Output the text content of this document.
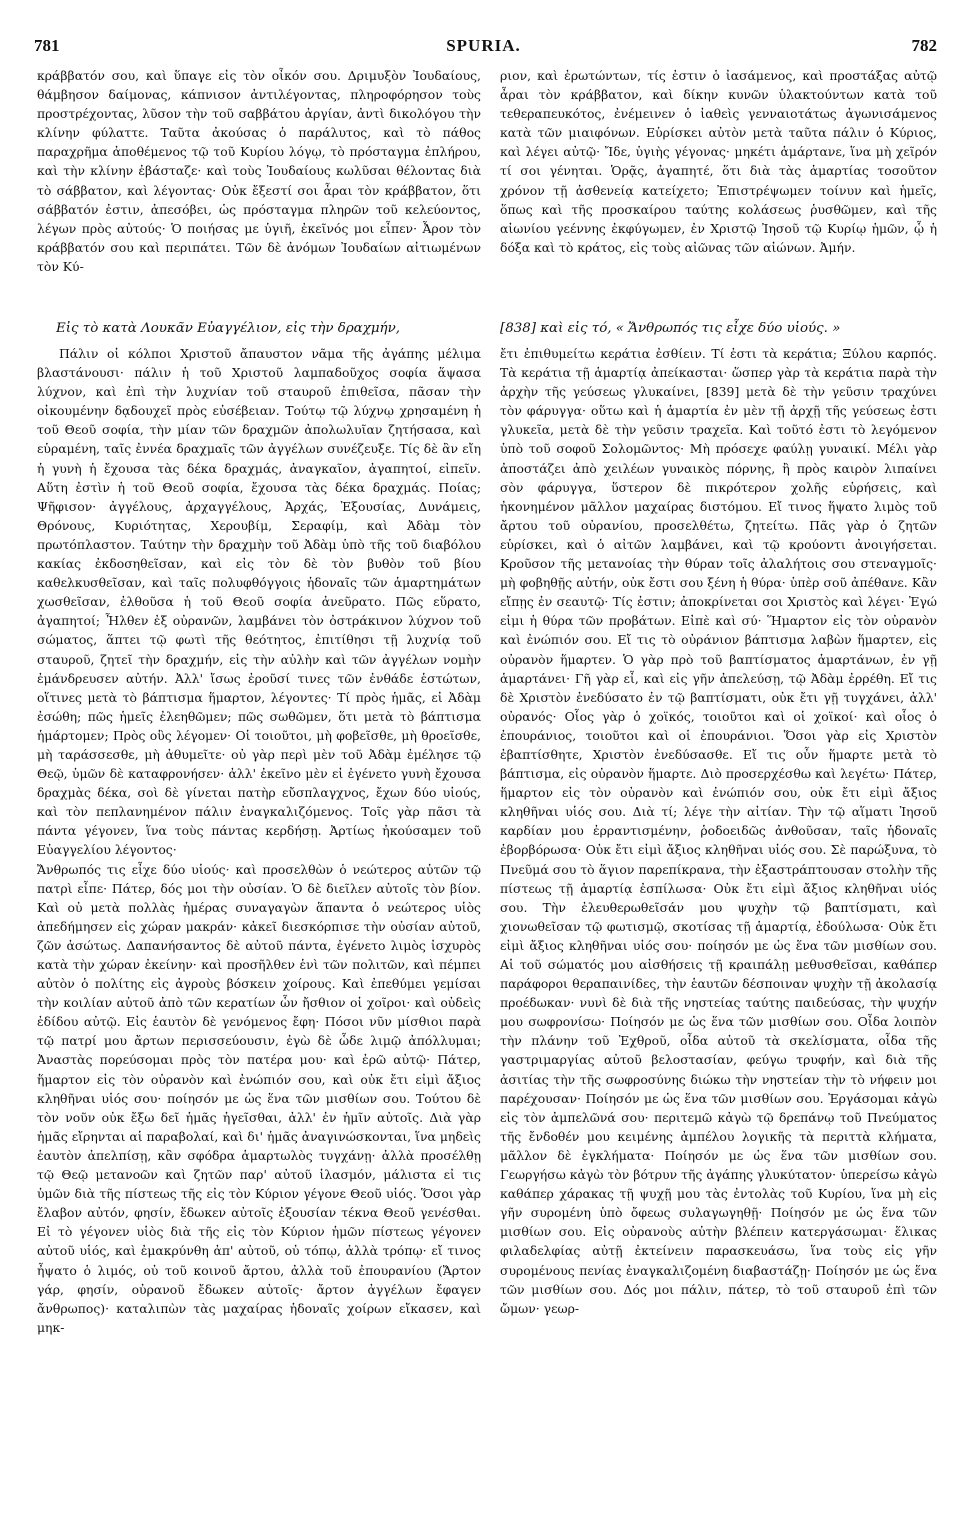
781	SPURIA.	782

κράββατόν σου, καὶ ὕπαγε εἰς τὸν οἶκόν σου. Δριμυξὸν Ἰουδαίους, θάμβησον δαίμονας, κάπνισον ἀντιλέγοντας, πληροφόρησον τοὺς προστρέχοντας, λῦσον τὴν τοῦ σαββάτου ἀργίαν, ἀντὶ δικολόγου τὴν κλίνην φύλαττε. Ταῦτα ἀκούσας ὁ παράλυτος, καὶ τὸ πάθος παραχρῆμα ἀποθέμενος τῷ τοῦ Κυρίου λόγῳ, τὸ πρόσταγμα ἐπλήρου, καὶ τὴν κλίνην ἐβάσταζε· καὶ τοὺς Ἰουδαίους κωλῦσαι θέλοντας διὰ τὸ σάββατον, καὶ λέγοντας· Οὐκ ἔξεστί σοι ἆραι τὸν κράββατον, ὅτι σάββατόν ἐστιν, ἀπεσόβει, ὡς πρόσταγμα πληρῶν τοῦ κελεύοντος, λέγων πρὸς αὐτούς· Ὁ ποιήσας με ὑγιῆ, ἐκεῖνός μοι εἶπεν· Ἆρον τὸν κράββατόν σου καὶ περιπάτει. Τῶν δὲ ἀνόμων Ἰουδαίων αἰτιωμένων τὸν Κύ-

ριον, καὶ ἐρωτώντων, τίς ἐστιν ὁ ἰασάμενος, καὶ προστάξας αὐτῷ ἆραι τὸν κράββατον, καὶ δίκην κυνῶν ὑλακτούντων κατὰ τοῦ τεθεραπευκότος, ἐνέμεινεν ὁ ἰαθεὶς γενναιοτάτως ἀγωνισάμενος κατὰ τῶν μιαιφόνων. Εὑρίσκει αὐτὸν μετὰ ταῦτα πάλιν ὁ Κύριος, καὶ λέγει αὐτῷ· Ἴδε, ὑγιὴς γέγονας· μηκέτι ἁμάρτανε, ἵνα μὴ χεῖρόν τί σοι γένηται. Ὁρᾷς, ἀγαπητέ, ὅτι διὰ τὰς ἁμαρτίας τοσοῦτον χρόνον τῇ ἀσθενείᾳ κατείχετο; Ἐπιστρέψωμεν τοίνυν καὶ ἡμεῖς, ὅπως καὶ τῆς προσκαίρου ταύτης κολάσεως ῥυσθῶμεν, καὶ τῆς αἰωνίου γεέννης ἐκφύγωμεν, ἐν Χριστῷ Ἰησοῦ τῷ Κυρίῳ ἡμῶν, ᾧ ἡ δόξα καὶ τὸ κράτος, εἰς τοὺς αἰῶνας τῶν αἰώνων. Ἀμήν.

Εἰς τὸ κατὰ Λουκᾶν Εὐαγγέλιον, εἰς τὴν δραχμήν,	[838] καὶ εἰς τό, « Ἄνθρωπός τις εἶχε δύο υἱούς. »

Πάλιν οἱ κόλποι Χριστοῦ ἄπαυστον νᾶμα τῆς ἀγάπης μέλιμα βλαστάνουσι· πάλιν ἡ τοῦ Χριστοῦ λαμπαδοῦχος σοφία ἅψασα λύχνον, καὶ ἐπὶ τὴν λυχνίαν τοῦ σταυροῦ ἐπιθεῖσα, πᾶσαν τὴν οἰκουμένην δᾳδουχεῖ πρὸς εὐσέβειαν. Τούτῳ τῷ λύχνῳ χρησαμένη ἡ τοῦ Θεοῦ σοφία, τὴν μίαν τῶν δραχμῶν ἀπολωλυῖαν ζητήσασα, καὶ εὑραμένη, ταῖς ἐννέα δραχμαῖς τῶν ἀγγέλων συνέζευξε. Τίς δὲ ἂν εἴη ἡ γυνὴ ἡ ἔχουσα τὰς δέκα δραχμάς, ἀναγκαῖον, ἀγαπητοί, εἰπεῖν. Αὕτη ἐστὶν ἡ τοῦ Θεοῦ σοφία, ἔχουσα τὰς δέκα δραχμάς. Ποίας; Ψῆφισον· ἀγγέλους, ἀρχαγγέλους, Ἀρχάς, Ἐξουσίας, Δυνάμεις, Θρόνους, Κυριότητας, Χερουβίμ, Σεραφίμ, καὶ Ἀδὰμ τὸν πρωτόπλαστον. Ταύτην τὴν δραχμὴν τοῦ Ἀδὰμ ὑπὸ τῆς τοῦ διαβόλου κακίας ἐκδοσηθεῖσαν, καὶ εἰς τὸν δὲ τὸν βυθὸν τοῦ βίου καθελκυσθεῖσαν, καὶ ταῖς πολυφθόγγοις ἡδοναῖς τῶν ἁμαρτημάτων χωσθεῖσαν, ἐλθοῦσα ἡ τοῦ Θεοῦ σοφία ἀνεῦρατο. Πῶς εὕρατο, ἀγαπητοί; Ἦλθεν ἐξ οὐρανῶν, λαμβάνει τὸν ὀστράκινον λύχνον τοῦ σώματος, ἅπτει τῷ φωτὶ τῆς θεότητος, ἐπιτίθησι τῇ λυχνίᾳ τοῦ σταυροῦ, ζητεῖ τὴν δραχμήν, εἰς τὴν αὐλὴν καὶ τῶν ἀγγέλων νομὴν ἐμάνδρευσεν αὐτήν. Ἀλλ' ἴσως ἐροῦσί τινες τῶν ἐνθάδε ἑστώτων, οἵτινες μετὰ τὸ βάπτισμα ἥμαρτον, λέγοντες· Τί πρὸς ἡμᾶς, εἰ Ἀδὰμ ἐσώθη; πῶς ἡμεῖς ἐλεηθῶμεν; πῶς σωθῶμεν, ὅτι μετὰ τὸ βάπτισμα ἡμάρτομεν; Πρὸς οὓς λέγομεν· Οἱ τοιοῦτοι, μὴ φοβεῖσθε, μὴ θροεῖσθε, μὴ ταράσσεσθε, μὴ ἀθυμεῖτε· οὐ γὰρ περὶ μὲν τοῦ Ἀδὰμ ἐμέλησε τῷ Θεῷ, ὑμῶν δὲ καταφρονήσεν· ἀλλ' ἐκεῖνο μὲν εἰ ἐγένετο γυνὴ ἔχουσα δραχμὰς δέκα, σοὶ δὲ γίνεται πατὴρ εὔσπλαγχνος, ἔχων δύο υἱούς, καὶ τὸν πεπλανημένον πάλιν ἐναγκαλιζόμενος. Τοῖς γὰρ πᾶσι τὰ πάντα γέγονεν, ἵνα τοὺς πάντας κερδήσῃ. Ἀρτίως ἠκούσαμεν τοῦ Εὐαγγελίου λέγοντος·

Ἄνθρωπός τις εἶχε δύο υἱούς· καὶ προσελθὼν ὁ νεώτερος αὐτῶν τῷ πατρὶ εἶπε· Πάτερ, δός μοι τὴν οὐσίαν. Ὁ δὲ διεῖλεν αὐτοῖς τὸν βίον. Καὶ οὐ μετὰ πολλὰς ἡμέρας συναγαγὼν ἅπαντα ὁ νεώτερος υἱὸς ἀπεδήμησεν εἰς χώραν μακράν· κἀκεῖ διεσκόρπισε τὴν οὐσίαν αὐτοῦ, ζῶν ἀσώτως. Δαπανήσαντος δὲ αὐτοῦ πάντα, ἐγένετο λιμὸς ἰσχυρὸς κατὰ τὴν χώραν ἐκείνην· καὶ προσῆλθεν ἑνὶ τῶν πολιτῶν, καὶ πέμπει αὐτὸν ὁ πολίτης εἰς ἀγροὺς βόσκειν χοίρους. Καὶ ἐπεθύμει γεμίσαι τὴν κοιλίαν αὐτοῦ ἀπὸ τῶν κερατίων ὧν ἤσθιον οἱ χοῖροι· καὶ οὐδεὶς ἐδίδου αὐτῷ. Εἰς ἑαυτὸν δὲ γενόμενος ἔφη· Πόσοι νῦν μίσθιοι παρὰ τῷ πατρί μου ἄρτων περισσεύουσιν, ἐγὼ δὲ ὧδε λιμῷ ἀπόλλυμαι; Ἀναστὰς πορεύσομαι πρὸς τὸν πατέρα μου· καὶ ἐρῶ αὐτῷ· Πάτερ, ἥμαρτον εἰς τὸν οὐρανὸν καὶ ἐνώπιόν σου, καὶ οὐκ ἔτι εἰμὶ ἄξιος κληθῆναι υἱός σου· ποίησόν με ὡς ἕνα τῶν μισθίων σου. Τούτου δὲ τὸν νοῦν οὐκ ἔξω δεῖ ἡμᾶς ἡγεῖσθαι, ἀλλ' ἐν ἡμῖν αὐτοῖς. Διὰ γὰρ ἡμᾶς εἴρηνται αἱ παραβολαί, καὶ δι' ἡμᾶς ἀναγινώσκονται, ἵνα μηδεὶς ἑαυτὸν ἀπελπίσῃ, κἂν σφόδρα ἁμαρτωλὸς τυγχάνῃ· ἀλλὰ προσέλθῃ τῷ Θεῷ μετανοῶν καὶ ζητῶν παρ' αὐτοῦ ἱλασμόν, μάλιστα εἰ τις ὑμῶν διὰ τῆς πίστεως τῆς εἰς τὸν Κύριον γέγονε Θεοῦ υἱός. Ὅσοι γὰρ ἔλαβον αὐτόν, φησίν, ἔδωκεν αὐτοῖς ἐξουσίαν τέκνα Θεοῦ γενέσθαι. Εἰ τὸ γέγονεν υἱὸς διὰ τῆς εἰς τὸν Κύριον ἡμῶν πίστεως γέγονεν αὐτοῦ υἱός, καὶ ἐμακρύνθη ἀπ' αὐτοῦ, οὐ τόπῳ, ἀλλὰ τρόπῳ· εἴ τινος ἦψατο ὁ λιμός, οὐ τοῦ κοινοῦ ἄρτου, ἀλλὰ τοῦ ἐπουρανίου (Ἄρτον γάρ, φησίν, οὐρανοῦ ἔδωκεν αὐτοῖς· ἄρτον ἀγγέλων ἔφαγεν ἄνθρωπος)· καταλιπὼν τὰς μαχαίρας ἡδοναῖς χοίρων εἴκασεν, καὶ μηκ-

ἔτι ἐπιθυμείτω κεράτια ἐσθίειν. Τί ἐστι τὰ κεράτια; Ξύλου καρπός. Τὰ κεράτια τῇ ἁμαρτίᾳ ἀπείκασται· ὥσπερ γὰρ τὰ κεράτια παρὰ τὴν ἀρχὴν τῆς γεύσεως γλυκαίνει, [839] μετὰ δὲ τὴν γεῦσιν τραχύνει τὸν φάρυγγα· οὕτω καὶ ἡ ἁμαρτία ἐν μὲν τῇ ἀρχῇ τῆς γεύσεως ἐστι γλυκεῖα, μετὰ δὲ τὴν γεῦσιν τραχεῖα. Καὶ τοῦτό ἐστι τὸ λεγόμενον ὑπὸ τοῦ σοφοῦ Σολομῶντος· Μὴ πρόσεχε φαύλῃ γυναικί. Μέλι γὰρ ἀποστάζει ἀπὸ χειλέων γυναικὸς πόρνης, ἢ πρὸς καιρὸν λιπαίνει σὸν φάρυγγα, ὕστερον δὲ πικρότερον χολῆς εὑρήσεις, καὶ ἠκονημένον μᾶλλον μαχαίρας διστόμου. Εἴ τινος ἥψατο λιμὸς τοῦ ἄρτου τοῦ οὐρανίου, προσελθέτω, ζητείτω. Πᾶς γὰρ ὁ ζητῶν εὑρίσκει, καὶ ὁ αἰτῶν λαμβάνει, καὶ τῷ κρούοντι ἀνοιγήσεται. Κροῦσον τῆς μετανοίας τὴν θύραν τοῖς ἀλαλήτοις σου στεναγμοῖς· μὴ φοβηθῇς αὐτήν, οὐκ ἔστι σου ξένη ἡ θύρα· ὑπὲρ σοῦ ἀπέθανε. Κἂν εἴπῃς ἐν σεαυτῷ· Τίς ἐστιν; ἀποκρίνεται σοι Χριστὸς καὶ λέγει· Ἐγώ εἰμι ἡ θύρα τῶν προβάτων. Εἰπὲ καὶ σύ· Ἥμαρτον εἰς τὸν οὐρανὸν καὶ ἐνώπιόν σου. Εἴ τις τὸ οὐράνιον βάπτισμα λαβὼν ἥμαρτεν, εἰς οὐρανὸν ἥμαρτεν. Ὁ γὰρ πρὸ τοῦ βαπτίσματος ἁμαρτάνων, ἐν γῇ ἁμαρτάνει· Γῆ γὰρ εἶ, καὶ εἰς γῆν ἀπελεύσῃ, τῷ Ἀδὰμ ἐρρέθη. Εἴ τις δὲ Χριστὸν ἐνεδύσατο ἐν τῷ βαπτίσματι, οὐκ ἔτι γῇ τυγχάνει, ἀλλ' οὐρανός· Οἷος γὰρ ὁ χοϊκός, τοιοῦτοι καὶ οἱ χοϊκοί· καὶ οἷος ὁ ἐπουράνιος, τοιοῦτοι καὶ οἱ ἐπουράνιοι. Ὅσοι γὰρ εἰς Χριστὸν ἐβαπτίσθητε, Χριστὸν ἐνεδύσασθε. Εἴ τις οὖν ἥμαρτε μετὰ τὸ βάπτισμα, εἰς οὐρανὸν ἥμαρτε. Διὸ προσερχέσθω καὶ λεγέτω· Πάτερ, ἥμαρτον εἰς τὸν οὐρανὸν καὶ ἐνώπιόν σου, οὐκ ἔτι εἰμὶ ἄξιος κληθῆναι υἱός σου. Διὰ τί; λέγε τὴν αἰτίαν. Τὴν τῷ αἵματι Ἰησοῦ καρδίαν μου ἐρραντισμένην, ῥοδοειδῶς ἀνθοῦσαν, ταῖς ἡδοναῖς ἐβορβόρωσα· Οὐκ ἔτι εἰμὶ ἄξιος κληθῆναι υἱός σου. Σὲ παρώξυνα, τὸ Πνεῦμά σου τὸ ἅγιον παρεπίκρανα, τὴν ἐξαστράπτουσαν στολὴν τῆς πίστεως τῇ ἁμαρτίᾳ ἐσπίλωσα· Οὐκ ἔτι εἰμὶ ἄξιος κληθῆναι υἱός σου. Τὴν ἐλευθερωθεῖσάν μου ψυχὴν τῷ βαπτίσματι, καὶ χιονωθεῖσαν τῷ φωτισμῷ, σκοτίσας τῇ ἁμαρτίᾳ, ἐδούλωσα· Οὐκ ἔτι εἰμὶ ἄξιος κληθῆναι υἱός σου· ποίησόν με ὡς ἕνα τῶν μισθίων σου. Αἱ τοῦ σώματός μου αἰσθήσεις τῇ κραιπάλῃ μεθυσθεῖσαι, καθάπερ παράφοροι θεραπαινίδες, τὴν ἑαυτῶν δέσποιναν ψυχὴν τῇ ἀκολασίᾳ προέδωκαν· νυνὶ δὲ διὰ τῆς νηστείας ταύτης παιδεύσας, τὴν ψυχήν μου σωφρονίσω· Ποίησόν με ὡς ἕνα τῶν μισθίων σου. Οἶδα λοιπὸν τὴν πλάνην τοῦ Ἐχθροῦ, οἶδα αὐτοῦ τὰ σκελίσματα, οἶδα τῆς γαστριμαργίας αὐτοῦ βελοστασίαν, φεύγω τρυφήν, καὶ διὰ τῆς ἀσιτίας τὴν τῆς σωφροσύνης διώκω τὴν νηστείαν τὴν τὸ νήφειν μοι παρέχουσαν· Ποίησόν με ὡς ἕνα τῶν μισθίων σου. Ἐργάσομαι κἀγὼ εἰς τὸν ἀμπελῶνά σου· περιτεμῶ κἀγὼ τῷ δρεπάνῳ τοῦ Πνεύματος τῆς ἔνδοθέν μου κειμένης ἀμπέλου λογικῆς τὰ περιττὰ κλήματα, μᾶλλον δὲ ἐγκλήματα· Ποίησόν με ὡς ἕνα τῶν μισθίων σου. Γεωργήσω κἀγὼ τὸν βότρυν τῆς ἀγάπης γλυκύτατον· ὑπερείσω κἀγὼ καθάπερ χάρακας τῇ ψυχῇ μου τὰς ἐντολὰς τοῦ Κυρίου, ἵνα μὴ εἰς γῆν συρομένη ὑπὸ ὄφεως συλαγωγηθῇ· Ποίησόν με ὡς ἕνα τῶν μισθίων σου. Εἰς οὐρανοὺς αὐτὴν βλέπειν κατεργάσωμαι· ἕλικας φιλαδελφίας αὐτῇ ἐκτείνειν παρασκευάσω, ἵνα τοὺς εἰς γῆν συρομένους πενίας ἐναγκαλιζομένη διαβαστάζῃ· Ποίησόν με ὡς ἕνα τῶν μισθίων σου. Δός μοι πάλιν, πάτερ, τὸ τοῦ σταυροῦ ἐπὶ τῶν ὤμων· γεωρ-
